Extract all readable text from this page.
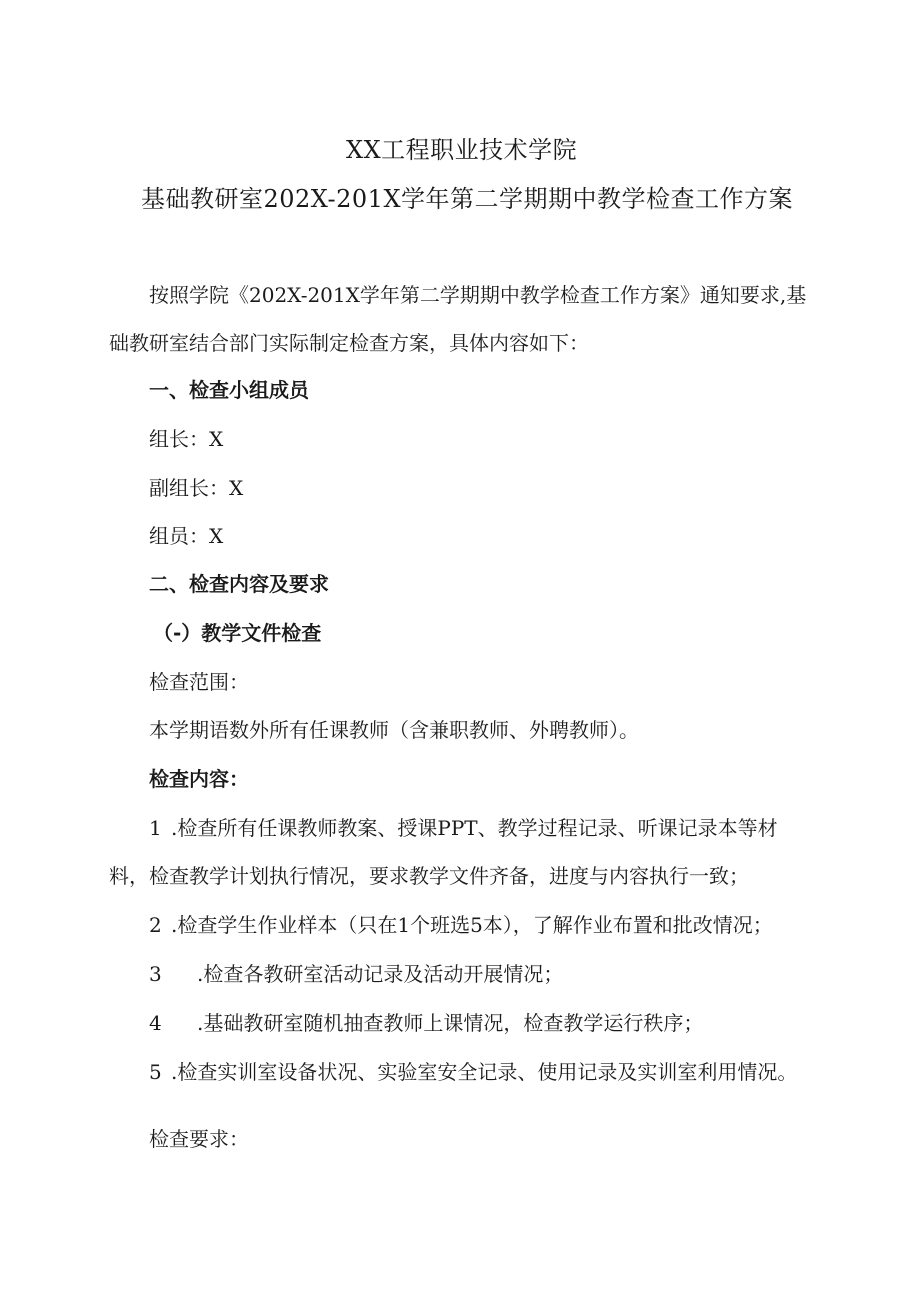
XX工程职业技术学院
基础教研室202X-201X学年第二学期期中教学检查工作方案
按照学院《202X-201X学年第二学期期中教学检查工作方案》通知要求,基
础教研室结合部门实际制定检查方案，具体内容如下：
一、检查小组成员
组长：X
副组长：X
组员：X
二、检查内容及要求
（-）教学文件检查
检查范围：
本学期语数外所有任课教师（含兼职教师、外聘教师）。
检查内容：
1 .检查所有任课教师教案、授课PPT、教学过程记录、听课记录本等材
料，检查教学计划执行情况，要求教学文件齐备，进度与内容执行一致；
2 .检查学生作业样本（只在1个班选5本），了解作业布置和批改情况；
3 .检查各教研室活动记录及活动开展情况；
4 .基础教研室随机抽查教师上课情况，检查教学运行秩序；
5 .检查实训室设备状况、实验室安全记录、使用记录及实训室利用情况。
检查要求：
